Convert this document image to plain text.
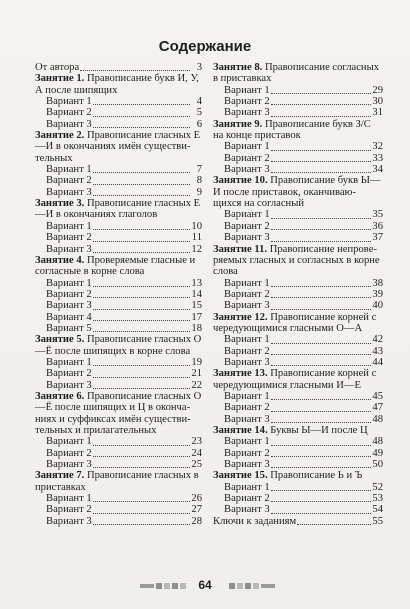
Содержание
От автора	3
Занятие 1. Правописание букв И, У, А после шипящих
Вариант 1	4
Вариант 2	5
Вариант 3	6
Занятие 2. Правописание гласных Е—И в окончаниях имён существи-тельных
Вариант 1	7
Вариант 2	8
Вариант 3	9
Занятие 3. Правописание гласных Е—И в окончаниях глаголов
Вариант 1	10
Вариант 2	11
Вариант 3	12
Занятие 4. Проверяемые гласные и согласные в корне слова
Вариант 1	13
Вариант 2	14
Вариант 3	15
Вариант 4	17
Вариант 5	18
Занятие 5. Правописание гласных О—Ё после шипящих в корне слова
Вариант 1	19
Вариант 2	21
Вариант 3	22
Занятие 6. Правописание гласных О—Ё после шипящих и Ц в оконча-ниях и суффиксах имён существи-тельных и прилагательных
Вариант 1	23
Вариант 2	24
Вариант 3	25
Занятие 7. Правописание гласных в приставках
Вариант 1	26
Вариант 2	27
Вариант 3	28
Занятие 8. Правописание согласных в приставках
Вариант 1	29
Вариант 2	30
Вариант 3	31
Занятие 9. Правописание букв З/С на конце приставок
Вариант 1	32
Вариант 2	33
Вариант 3	34
Занятие 10. Правописание букв Ы—И после приставок, оканчиваю-щихся на согласный
Вариант 1	35
Вариант 2	36
Вариант 3	37
Занятие 11. Правописание непрове-ряемых гласных и согласных в корне слова
Вариант 1	38
Вариант 2	39
Вариант 3	40
Занятие 12. Правописание корней с чередующимися гласными О—А
Вариант 1	42
Вариант 2	43
Вариант 3	44
Занятие 13. Правописание корней с чередующимися гласными И—Е
Вариант 1	45
Вариант 2	47
Вариант 3	48
Занятие 14. Буквы Ы—И после Ц
Вариант 1	48
Вариант 2	49
Вариант 3	50
Занятие 15. Правописание Ь и Ъ
Вариант 1	52
Вариант 2	53
Вариант 3	54
Ключи к заданиям	55
64
